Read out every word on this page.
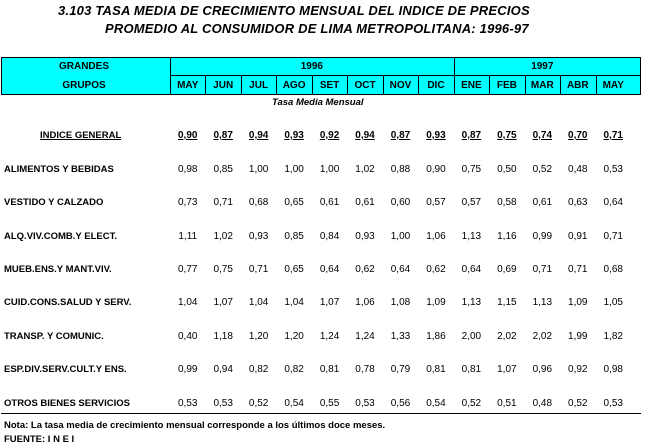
3.103 TASA MEDIA DE CRECIMIENTO MENSUAL DEL INDICE DE PRECIOS
PROMEDIO AL CONSUMIDOR DE LIMA METROPOLITANA: 1996-97
Tasa Media Mensual
Nota: La tasa media de crecimiento mensual corresponde a los últimos doce meses.
FUENTE: I N E I
GRANDES
GRUPOS
1996	1997
MAY	JUN	JUL	AGO	SET	OCT	NOV	DIC	ENE	FEB	MAR	ABR	MAY
INDICE GENERAL	0,90	0,87	0,94	0,93	0,92	0,94	0,87	0,93	0,87	0,75	0,74	0,70	0,71
ALIMENTOS Y BEBIDAS	0,98	0,85	1,00	1,00	1,00	1,02	0,88	0,90	0,75	0,50	0,52	0,48	0,53
VESTIDO Y CALZADO	0,73	0,71	0,68	0,65	0,61	0,61	0,60	0,57	0,57	0,58	0,61	0,63	0,64
ALQ.VIV.COMB.Y ELECT.	1,11	1,02	0,93	0,85	0,84	0,93	1,00	1,06	1,13	1,16	0,99	0,91	0,71
MUEB.ENS.Y MANT.VIV.	0,77	0,75	0,71	0,65	0,64	0,62	0,64	0,62	0,64	0,69	0,71	0,71	0,68
CUID.CONS.SALUD Y SERV.	1,04	1,07	1,04	1,04	1,07	1,06	1,08	1,09	1,13	1,15	1,13	1,09	1,05
TRANSP. Y COMUNIC.	0,40	1,18	1,20	1,20	1,24	1,24	1,33	1,86	2,00	2,02	2,02	1,99	1,82
ESP.DIV.SERV.CULT.Y ENS.	0,99	0,94	0,82	0,82	0,81	0,78	0,79	0,81	0,81	1,07	0,96	0,92	0,98
OTROS BIENES SERVICIOS	0,53	0,53	0,52	0,54	0,55	0,53	0,56	0,54	0,52	0,51	0,48	0,52	0,53
